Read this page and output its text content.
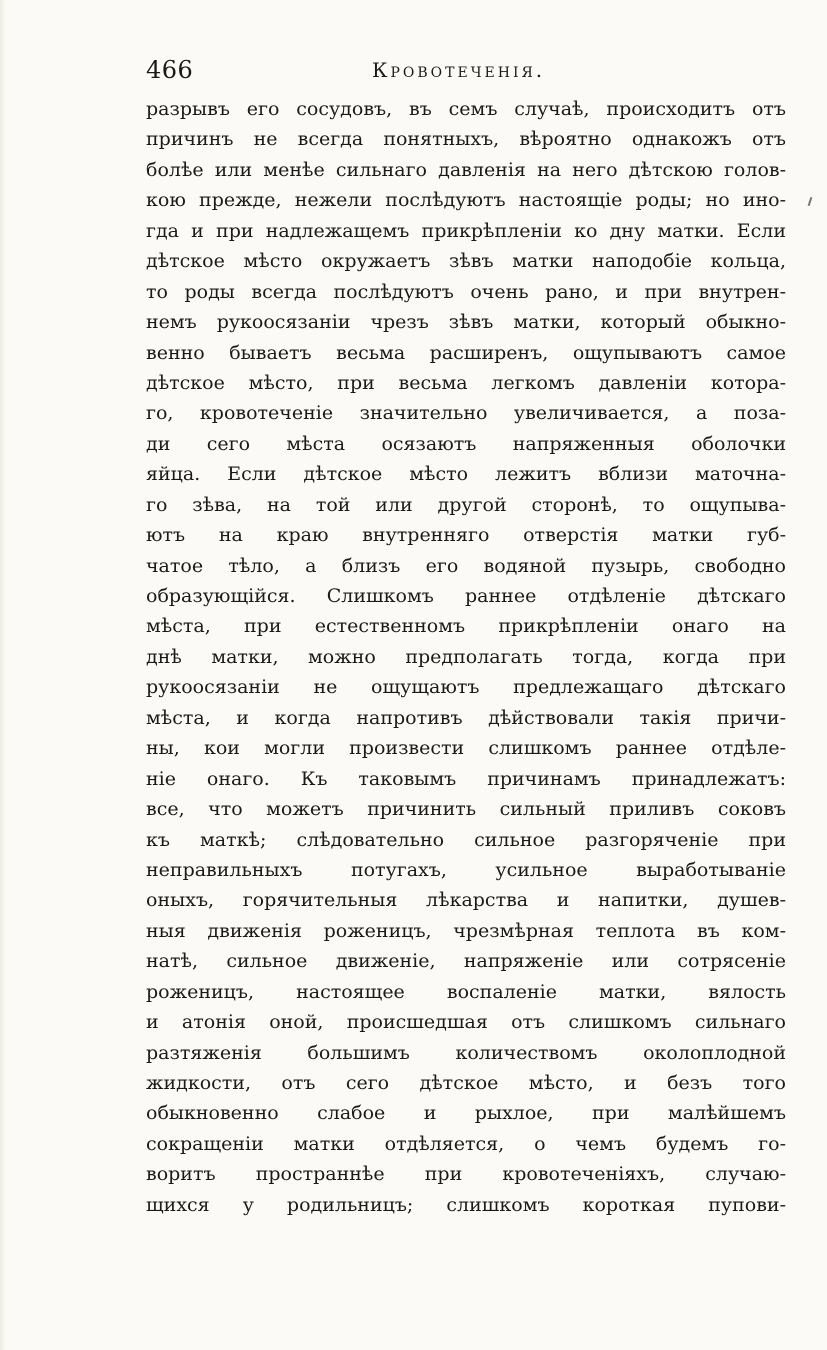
466	Кровотеченія.
разрывъ его сосудовъ, въ семъ случаѣ, происходитъ отъ
причинъ не всегда понятныхъ, вѣроятно однакожъ отъ
болѣе или менѣе сильнаго давленія на него дѣтскою голов-
кою прежде, нежели послѣдуютъ настоящіе роды; но ино-
гда и при надлежащемъ прикрѣпленіи ко дну матки. Если
дѣтское мѣсто окружаетъ зѣвъ матки наподобіе кольца,
то роды всегда послѣдуютъ очень рано, и при внутрен-
немъ рукоосязаніи чрезъ зѣвъ матки, который обыкно-
венно бываетъ весьма расширенъ, ощупываютъ самое
дѣтское мѣсто, при весьма легкомъ давленіи котора-
го, кровотеченіе значительно увеличивается, а поза-
ди сего мѣста осязаютъ напряженныя оболочки
яйца. Если дѣтское мѣсто лежитъ вблизи маточна-
го зѣва, на той или другой сторонѣ, то ощупыва-
ютъ на краю внутренняго отверстія матки губ-
чатое тѣло, а близъ его водяной пузырь, свободно
образующійся. Слишкомъ раннее отдѣленіе дѣтскаго
мѣста, при естественномъ прикрѣпленіи онаго на
днѣ матки, можно предполагать тогда, когда при
рукоосязаніи не ощущаютъ предлежащаго дѣтскаго
мѣста, и когда напротивъ дѣйствовали такія причи-
ны, кои могли произвести слишкомъ раннее отдѣле-
ніе онаго. Къ таковымъ причинамъ принадлежатъ:
все, что можетъ причинить сильный приливъ соковъ
къ маткѣ; слѣдовательно сильное разгоряченіе при
неправильныхъ потугахъ, усильное выработываніе
оныхъ, горячительныя лѣкарства и напитки, душев-
ныя движенія роженицъ, чрезмѣрная теплота въ ком-
натѣ, сильное движеніе, напряженіе или сотрясеніе
роженицъ, настоящее воспаленіе матки, вялость
и атонія оной, происшедшая отъ слишкомъ сильнаго
разтяженія большимъ количествомъ околоплодной
жидкости, отъ сего дѣтское мѣсто, и безъ того
обыкновенно слабое и рыхлое, при малѣйшемъ
сокращеніи матки отдѣляется, о чемъ будемъ го-
воритъ пространнѣе при кровотеченіяхъ, случаю-
щихся у родильницъ; слишкомъ короткая пупови-
